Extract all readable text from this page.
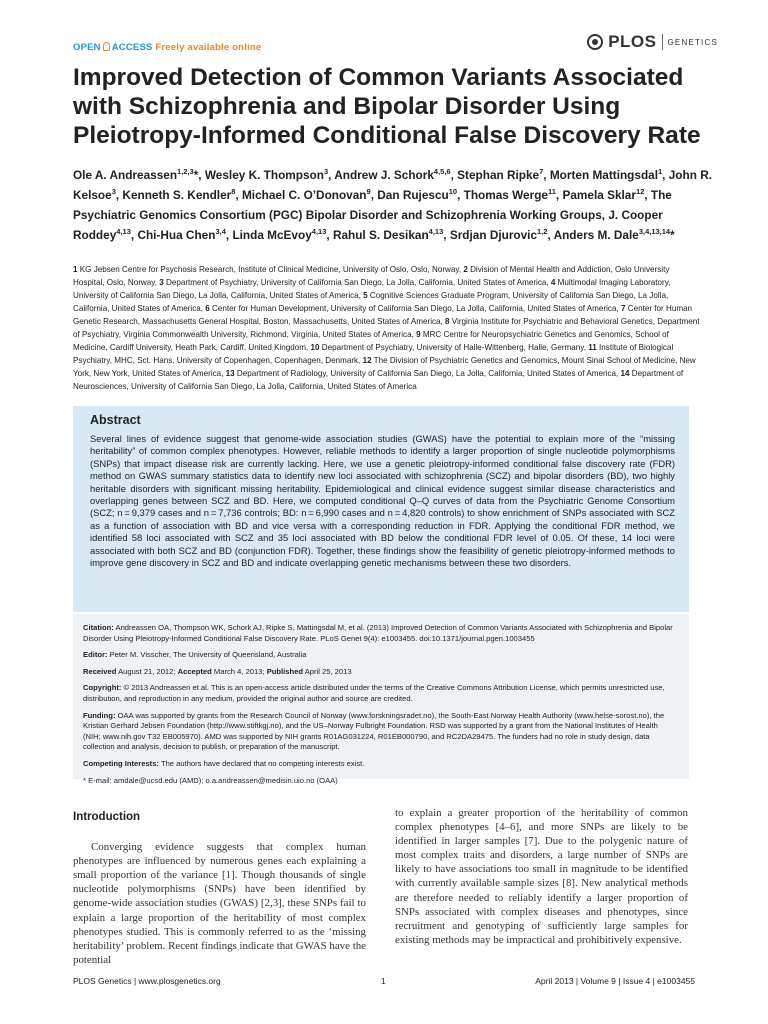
OPEN ACCESS Freely available online	PLOS GENETICS
Improved Detection of Common Variants Associated with Schizophrenia and Bipolar Disorder Using Pleiotropy-Informed Conditional False Discovery Rate

Ole A. Andreassen$^{1,2,3}$*, Wesley K. Thompson$^3$, Andrew J. Schork$^{4,5,6}$, Stephan Ripke$^7$, Morten Mattingsdal$^1$, John R. Kelsoe$^3$, Kenneth S. Kendler$^8$, Michael C. O’Donovan$^9$, Dan Rujescu$^{10}$, Thomas Werge$^{11}$, Pamela Sklar$^{12}$, The Psychiatric Genomics Consortium (PGC) Bipolar Disorder and Schizophrenia Working Groups, J. Cooper Roddey$^{4,13}$, Chi-Hua Chen$^{3,4}$, Linda McEvoy$^{4,13}$, Rahul S. Desikan$^{4,13}$, Srdjan Djurovic$^{1,2}$, Anders M. Dale$^{3,4,13,14}$*

1 KG Jebsen Centre for Psychosis Research, Institute of Clinical Medicine, University of Oslo, Oslo, Norway, 2 Division of Mental Health and Addiction, Oslo University Hospital, Oslo, Norway, 3 Department of Psychiatry, University of California San Diego, La Jolla, California, United States of America, 4 Multimodal Imaging Laboratory, University of California San Diego, La Jolla, California, United States of America, 5 Cognitive Sciences Graduate Program, University of California San Diego, La Jolla, California, United States of America, 6 Center for Human Development, University of California San Diego, La Jolla, California, United States of America, 7 Center for Human Genetic Research, Massachusetts General Hospital, Boston, Massachusetts, United States of America, 8 Virginia Institute for Psychiatric and Behavioral Genetics, Department of Psychiatry, Virginia Commonwealth University, Richmond, Virginia, United States of America, 9 MRC Centre for Neuropsychiatric Genetics and Genomics, School of Medicine, Cardiff University, Heath Park, Cardiff, United Kingdom, 10 Department of Psychiatry, University of Halle-Wittenberg, Halle, Germany, 11 Institute of Biological Psychiatry, MHC, Sct. Hans, University of Copenhagen, Copenhagen, Denmark, 12 The Division of Psychiatric Genetics and Genomics, Mount Sinai School of Medicine, New York, New York, United States of America, 13 Department of Radiology, University of California San Diego, La Jolla, California, United States of America, 14 Department of Neurosciences, University of California San Diego, La Jolla, California, United States of America

Abstract

Several lines of evidence suggest that genome-wide association studies (GWAS) have the potential to explain more of the “missing heritability” of common complex phenotypes. However, reliable methods to identify a larger proportion of single nucleotide polymorphisms (SNPs) that impact disease risk are currently lacking. Here, we use a genetic pleiotropy-informed conditional false discovery rate (FDR) method on GWAS summary statistics data to identify new loci associated with schizophrenia (SCZ) and bipolar disorders (BD), two highly heritable disorders with significant missing heritability. Epidemiological and clinical evidence suggest similar disease characteristics and overlapping genes between SCZ and BD. Here, we computed conditional Q–Q curves of data from the Psychiatric Genome Consortium (SCZ; n = 9,379 cases and n = 7,736 controls; BD: n = 6,990 cases and n = 4,820 controls) to show enrichment of SNPs associated with SCZ as a function of association with BD and vice versa with a corresponding reduction in FDR. Applying the conditional FDR method, we identified 58 loci associated with SCZ and 35 loci associated with BD below the conditional FDR level of 0.05. Of these, 14 loci were associated with both SCZ and BD (conjunction FDR). Together, these findings show the feasibility of genetic pleiotropy-informed methods to improve gene discovery in SCZ and BD and indicate overlapping genetic mechanisms between these two disorders.

Citation: Andreassen OA, Thompson WK, Schork AJ, Ripke S, Mattingsdal M, et al. (2013) Improved Detection of Common Variants Associated with Schizophrenia and Bipolar Disorder Using Pleiotropy-Informed Conditional False Discovery Rate. PLoS Genet 9(4): e1003455. doi:10.1371/journal.pgen.1003455

Editor: Peter M. Visscher, The University of Queensland, Australia

Received August 21, 2012; Accepted March 4, 2013; Published April 25, 2013

Copyright: © 2013 Andreassen et al. This is an open-access article distributed under the terms of the Creative Commons Attribution License, which permits unrestricted use, distribution, and reproduction in any medium, provided the original author and source are credited.

Funding: OAA was supported by grants from the Research Council of Norway (www.forskningsradet.no), the South-East Norway Health Authority (www.helse-sorost.no), the Kristian Gerhard Jebsen Foundation (http://www.stiftkgj.no), and the US–Norway Fulbright Foundation. RSD was supported by a grant from the National Institutes of Health (NIH; www.nih.gov T32 EB005970). AMD was supported by NIH grants R01AG031224, R01EB000790, and RC2DA29475. The funders had no role in study design, data collection and analysis, decision to publish, or preparation of the manuscript.

Competing Interests: The authors have declared that no competing interests exist.

* E-mail: amdale@ucsd.edu (AMD); o.a.andreassen@medisin.uio.no (OAA)

Introduction

Converging evidence suggests that complex human phenotypes are influenced by numerous genes each explaining a small proportion of the variance [1]. Though thousands of single nucleotide polymorphisms (SNPs) have been identified by genome-wide association studies (GWAS) [2,3], these SNPs fail to explain a large proportion of the heritability of most complex phenotypes studied. This is commonly referred to as the ‘missing heritability’ problem. Recent findings indicate that GWAS have the potential

to explain a greater proportion of the heritability of common complex phenotypes [4–6], and more SNPs are likely to be identified in larger samples [7]. Due to the polygenic nature of most complex traits and disorders, a large number of SNPs are likely to have associations too small in magnitude to be identified with currently available sample sizes [8]. New analytical methods are therefore needed to reliably identify a larger proportion of SNPs associated with complex diseases and phenotypes, since recruitment and genotyping of sufficiently large samples for existing methods may be impractical and prohibitively expensive.

PLOS Genetics | www.plosgenetics.org	1	April 2013 | Volume 9 | Issue 4 | e1003455
